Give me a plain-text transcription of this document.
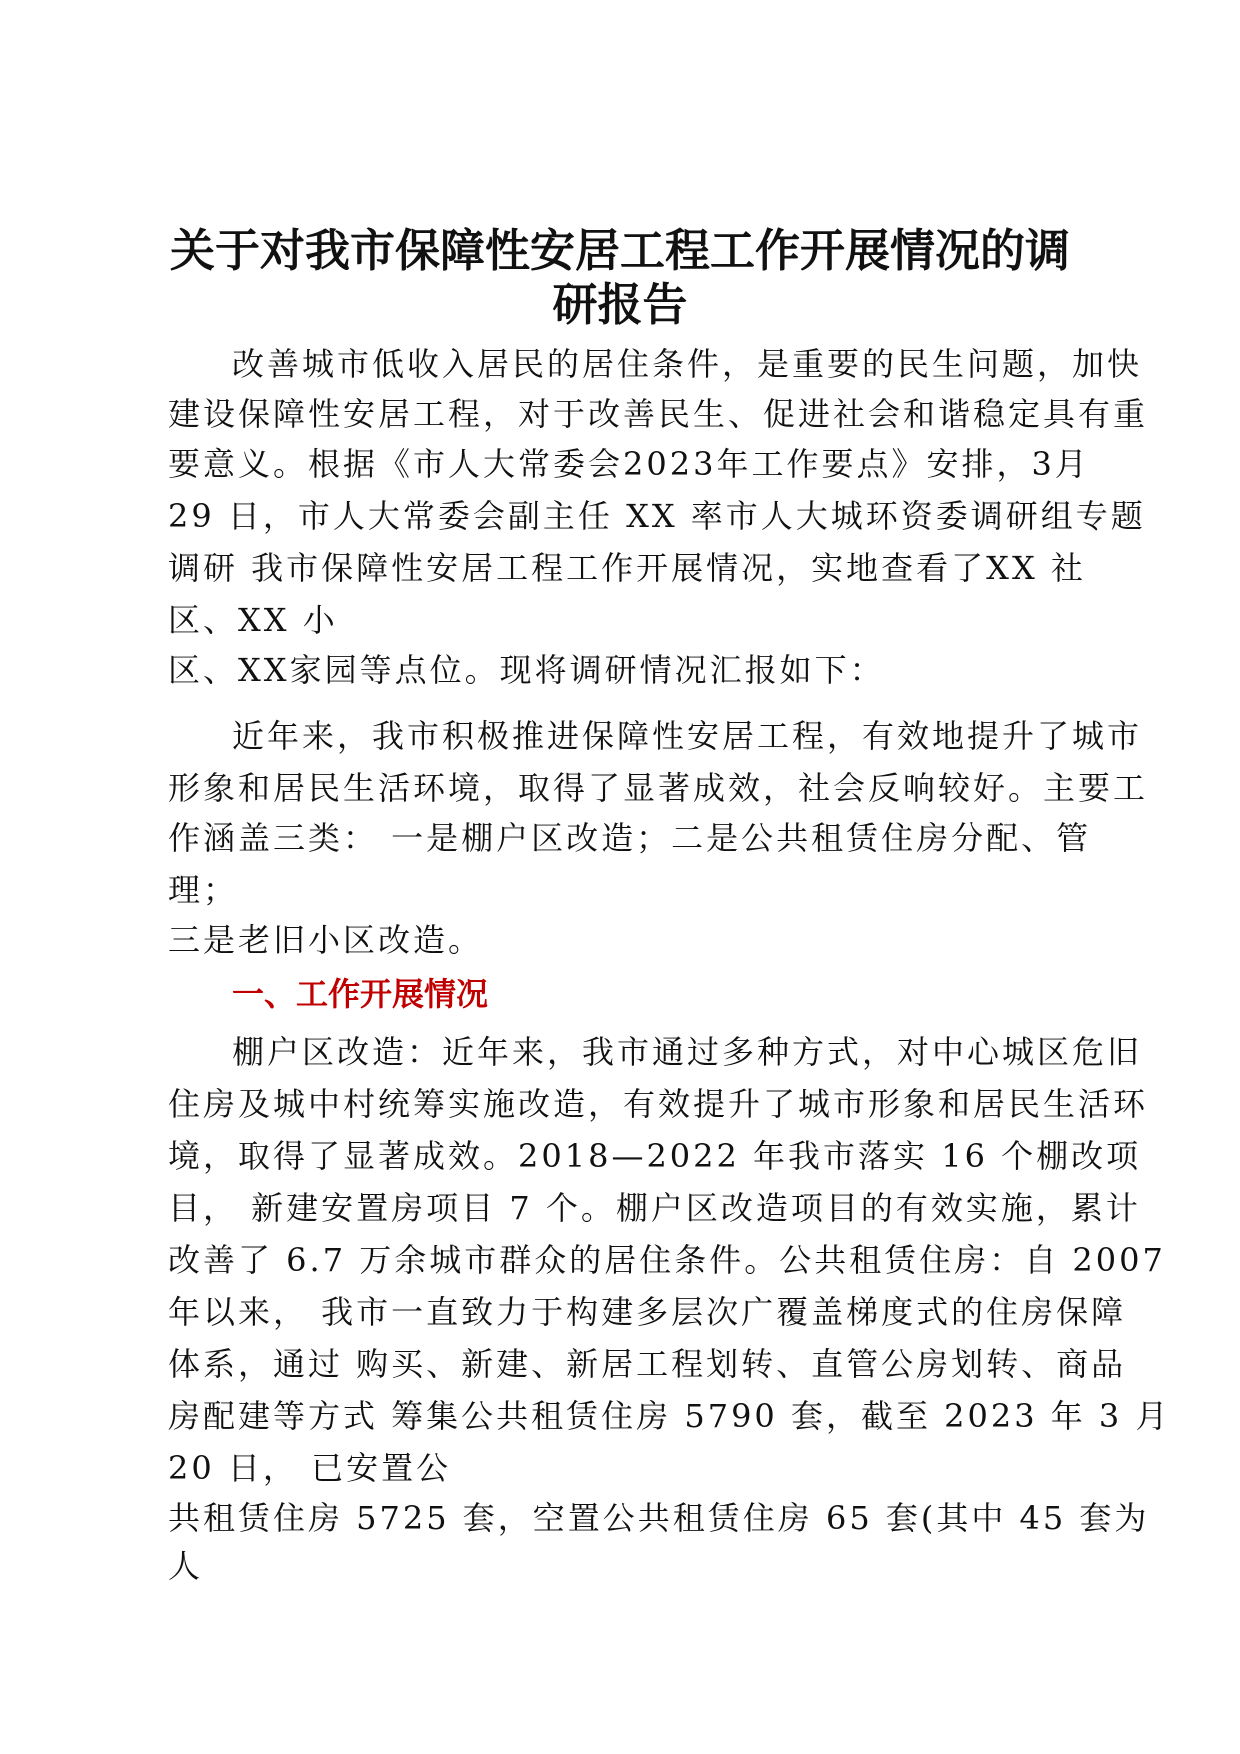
关于对我市保障性安居工程工作开展情况的调
研报告
改善城市低收入居民的居住条件，是重要的民生问题，加快
建设保障性安居工程，对于改善民生、促进社会和谐稳定具有重
要意义。根据《市人大常委会2023年工作要点》安排，3月
29 日，市人大常委会副主任 XX 率市人大城环资委调研组专题
调研 我市保障性安居工程工作开展情况，实地查看了XX 社
区、XX 小
区、XX家园等点位。现将调研情况汇报如下：
近年来，我市积极推进保障性安居工程，有效地提升了城市
形象和居民生活环境，取得了显著成效，社会反响较好。主要工
作涵盖三类： 一是棚户区改造；二是公共租赁住房分配、管
理；
三是老旧小区改造。
一、工作开展情况
棚户区改造：近年来，我市通过多种方式，对中心城区危旧
住房及城中村统筹实施改造，有效提升了城市形象和居民生活环
境，取得了显著成效。2018—2022 年我市落实 16 个棚改项
目， 新建安置房项目 7 个。棚户区改造项目的有效实施，累计
改善了 6.7 万余城市群众的居住条件。公共租赁住房：自 2007
年以来， 我市一直致力于构建多层次广覆盖梯度式的住房保障
体系，通过 购买、新建、新居工程划转、直管公房划转、商品
房配建等方式 筹集公共租赁住房 5790 套，截至 2023 年 3 月
20 日， 已安置公
共租赁住房 5725 套，空置公共租赁住房 65 套(其中 45 套为
人
